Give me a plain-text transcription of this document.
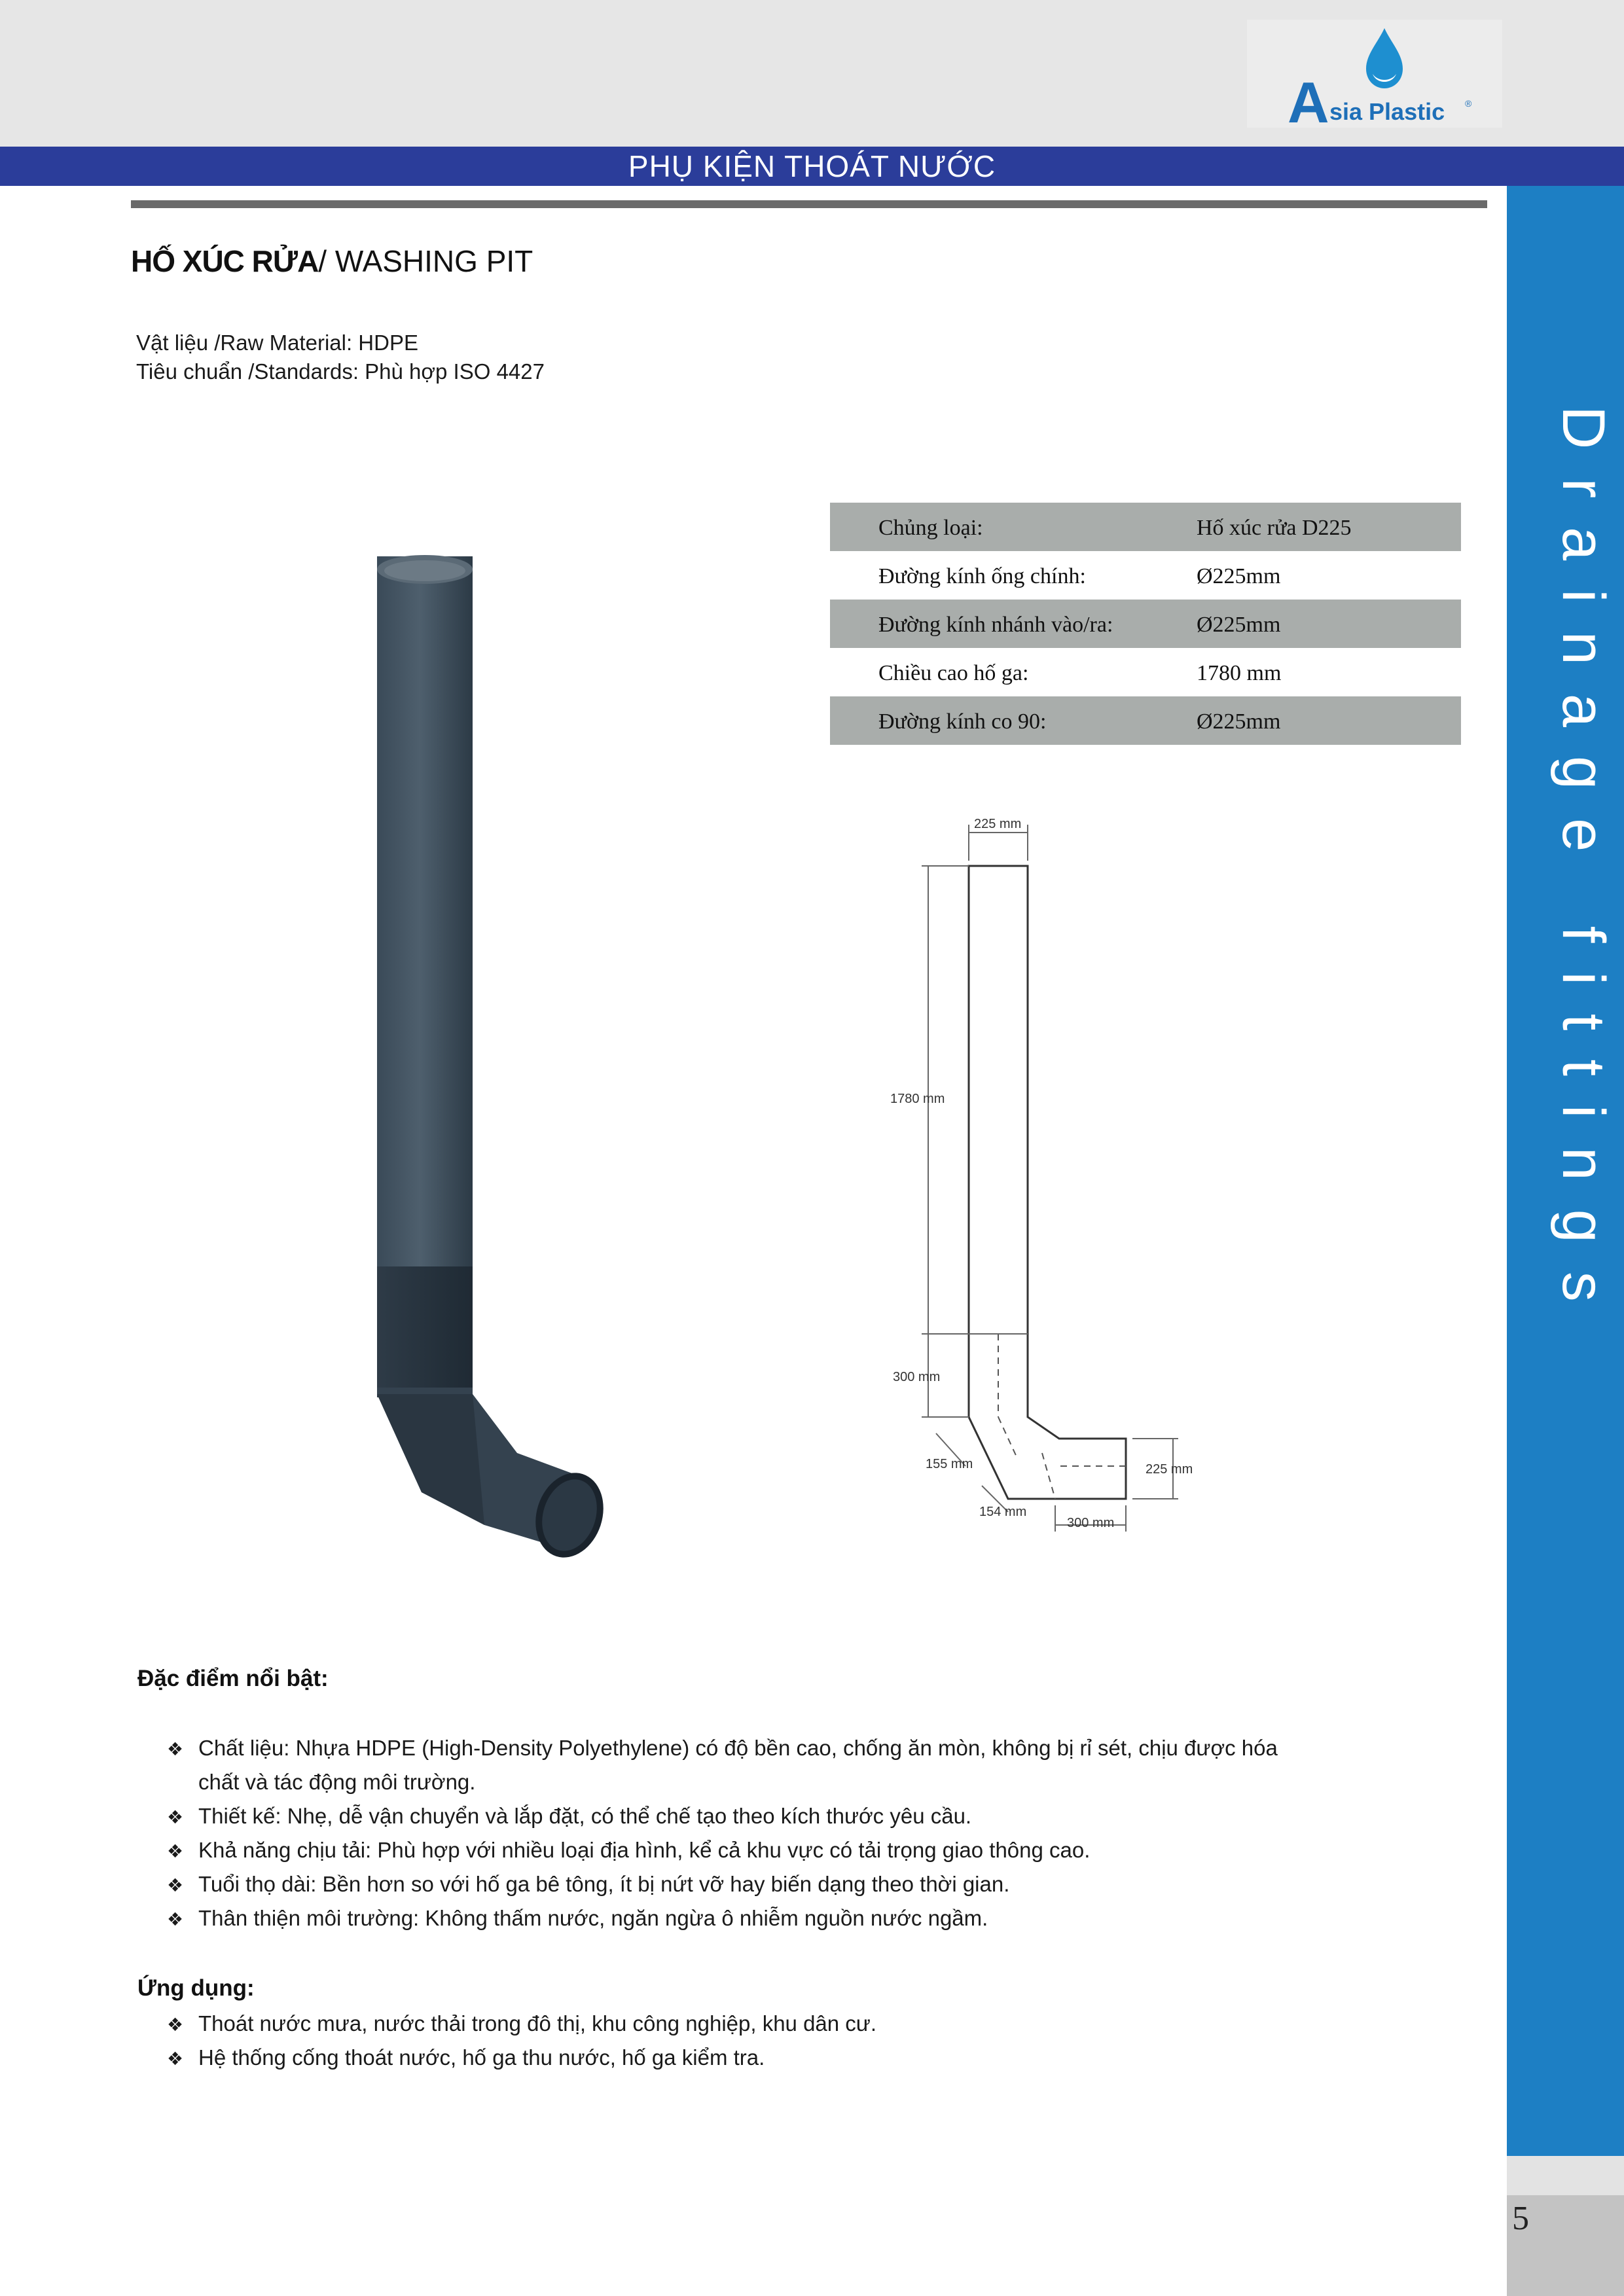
A sia Plastic ®
PHỤ KIỆN THOÁT NƯỚC
Drainage fittings
5
HỐ XÚC RỬA/ WASHING PIT
Vật liệu /Raw Material: HDPE
Tiêu chuẩn /Standards: Phù hợp ISO 4427
Chủng loại:	Hố xúc rửa D225
Đường kính ống chính:	Ø225mm
Đường kính nhánh vào/ra:	Ø225mm
Chiều cao hố ga:	1780 mm
Đường kính co 90:	Ø225mm
225 mm
1780 mm
300 mm
155 mm
154 mm
300 mm
225 mm
Đặc điểm nổi bật:
❖ Chất liệu: Nhựa HDPE (High-Density Polyethylene) có độ bền cao, chống ăn mòn, không bị rỉ sét, chịu được hóa
chất và tác động môi trường.
❖ Thiết kế: Nhẹ, dễ vận chuyển và lắp đặt, có thể chế tạo theo kích thước yêu cầu.
❖ Khả năng chịu tải: Phù hợp với nhiều loại địa hình, kể cả khu vực có tải trọng giao thông cao.
❖ Tuổi thọ dài: Bền hơn so với hố ga bê tông, ít bị nứt vỡ hay biến dạng theo thời gian.
❖ Thân thiện môi trường: Không thấm nước, ngăn ngừa ô nhiễm nguồn nước ngầm.
Ứng dụng:
❖ Thoát nước mưa, nước thải trong đô thị, khu công nghiệp, khu dân cư.
❖ Hệ thống cống thoát nước, hố ga thu nước, hố ga kiểm tra.
